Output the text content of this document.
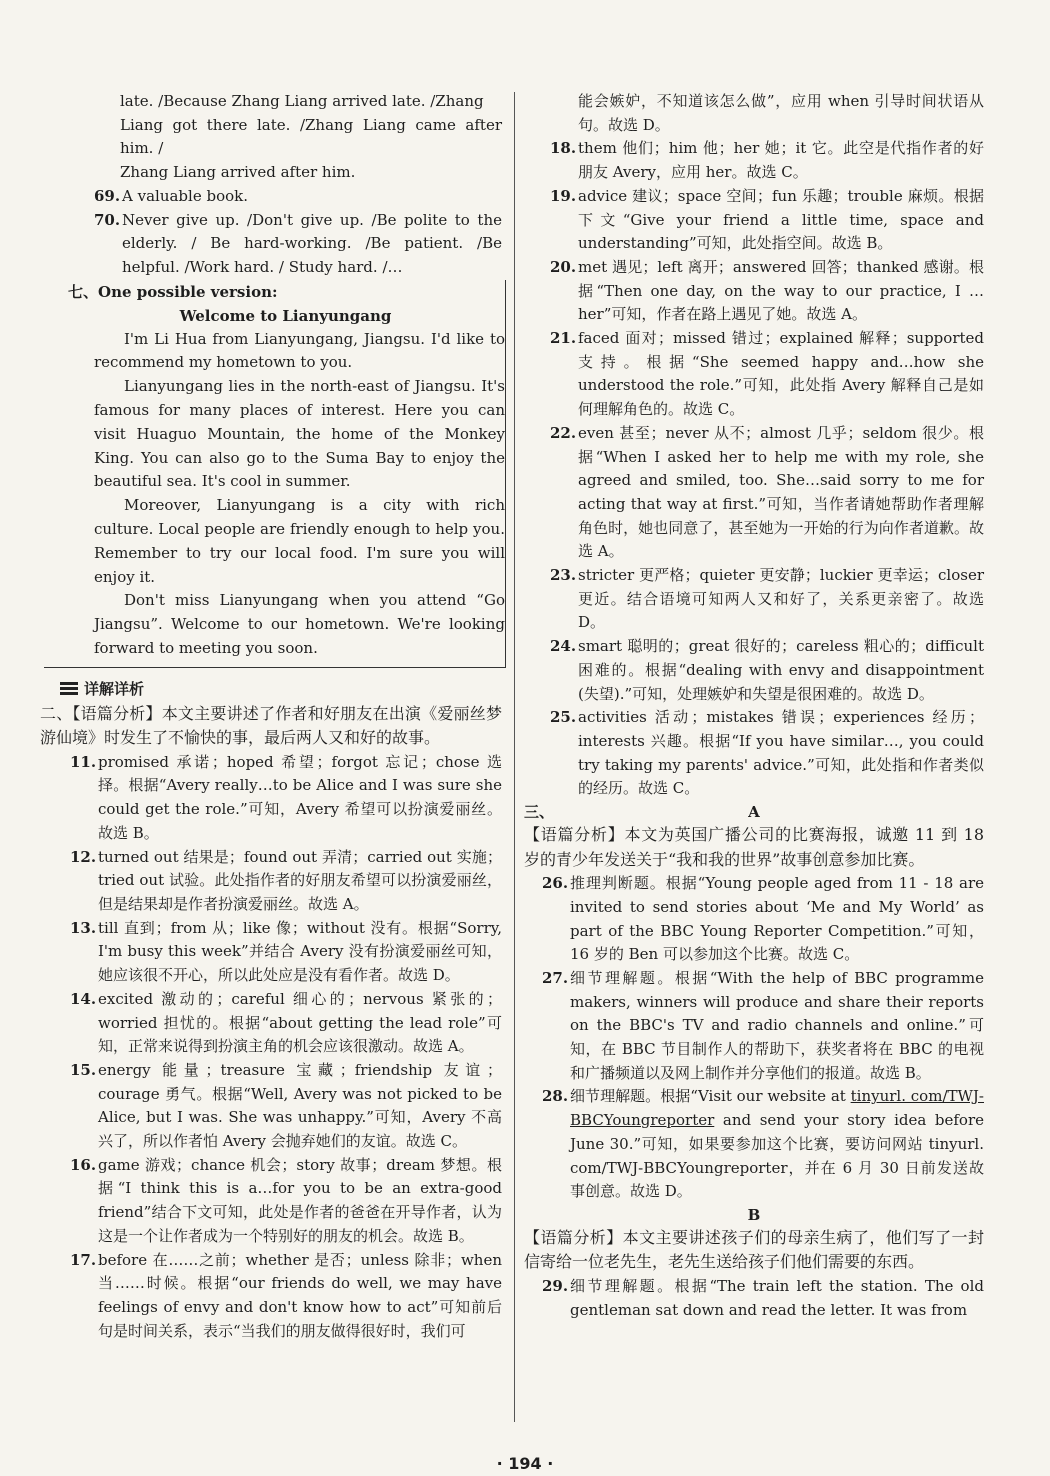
late. /Because Zhang Liang arrived late. /Zhang

Liang got there late. /Zhang Liang came after him. /

Zhang Liang arrived after him.

69. A valuable book.
70. Never give up. /Don't give up. /Be polite to the elderly. / Be hard-working. /Be patient. /Be helpful. /Work hard. / Study hard. /…
七、One possible version:
Welcome to Lianyungang

I'm Li Hua from Lianyungang, Jiangsu. I'd like to recommend my hometown to you.

Lianyungang lies in the north-east of Jiangsu. It's famous for many places of interest. Here you can visit Huaguo Mountain, the home of the Monkey King. You can also go to the Suma Bay to enjoy the beautiful sea. It's cool in summer.

Moreover, Lianyungang is a city with rich culture. Local people are friendly enough to help you. Remember to try our local food. I'm sure you will enjoy it.

Don't miss Lianyungang when you attend “Go Jiangsu”. Welcome to our hometown. We're looking forward to meeting you soon.

详解详析

二、【语篇分析】本文主要讲述了作者和好朋友在出演《爱丽丝梦游仙境》时发生了不愉快的事，最后两人又和好的故事。

11. promised 承诺；hoped 希望；forgot 忘记；chose 选择。根据“Avery really…to be Alice and I was sure she could get the role.”可知，Avery 希望可以扮演爱丽丝。故选 B。
12. turned out 结果是；found out 弄清；carried out 实施；tried out 试验。此处指作者的好朋友希望可以扮演爱丽丝，但是结果却是作者扮演爱丽丝。故选 A。
13. till 直到；from 从；like 像；without 没有。根据“Sorry, I'm busy this week”并结合 Avery 没有扮演爱丽丝可知，她应该很不开心，所以此处应是没有看作者。故选 D。
14. excited 激动的；careful 细心的；nervous 紧张的；worried 担忧的。根据“about getting the lead role”可知，正常来说得到扮演主角的机会应该很激动。故选 A。
15. energy 能量；treasure 宝藏；friendship 友谊；courage 勇气。根据“Well, Avery was not picked to be Alice, but I was. She was unhappy.”可知，Avery 不高兴了，所以作者怕 Avery 会抛弃她们的友谊。故选 C。
16. game 游戏；chance 机会；story 故事；dream 梦想。根据“I think this is a…for you to be an extra-good friend”结合下文可知，此处是作者的爸爸在开导作者，认为这是一个让作者成为一个特别好的朋友的机会。故选 B。
17. before 在……之前；whether 是否；unless 除非；when 当……时候。根据“our friends do well, we may have feelings of envy and don't know how to act”可知前后句是时间关系，表示“当我们的朋友做得很好时，我们可

能会嫉妒，不知道该怎么做”，应用 when 引导时间状语从句。故选 D。

18. them 他们；him 他；her 她；it 它。此空是代指作者的好朋友 Avery，应用 her。故选 C。
19. advice 建议；space 空间；fun 乐趣；trouble 麻烦。根据下文“Give your friend a little time, space and understanding”可知，此处指空间。故选 B。
20. met 遇见；left 离开；answered 回答；thanked 感谢。根据“Then one day, on the way to our practice, I … her”可知，作者在路上遇见了她。故选 A。
21. faced 面对；missed 错过；explained 解释；supported 支持。根据“She seemed happy and…how she understood the role.”可知，此处指 Avery 解释自己是如何理解角色的。故选 C。
22. even 甚至；never 从不；almost 几乎；seldom 很少。根据“When I asked her to help me with my role, she agreed and smiled, too. She…said sorry to me for acting that way at first.”可知，当作者请她帮助作者理解角色时，她也同意了，甚至她为一开始的行为向作者道歉。故选 A。
23. stricter 更严格；quieter 更安静；luckier 更幸运；closer 更近。结合语境可知两人又和好了，关系更亲密了。故选 D。
24. smart 聪明的；great 很好的；careless 粗心的；difficult 困难的。根据“dealing with envy and disappointment (失望).”可知，处理嫉妒和失望是很困难的。故选 D。
25. activities 活动；mistakes 错误；experiences 经历；interests 兴趣。根据“If you have similar…, you could try taking my parents' advice.”可知，此处指和作者类似的经历。故选 C。
三、	A

【语篇分析】本文为英国广播公司的比赛海报，诚邀 11 到 18 岁的青少年发送关于“我和我的世界”故事创意参加比赛。

26. 推理判断题。根据“Young people aged from 11 - 18 are invited to send stories about ‘Me and My World’ as part of the BBC Young Reporter Competition.”可知，16 岁的 Ben 可以参加这个比赛。故选 C。
27. 细节理解题。根据“With the help of BBC programme makers, winners will produce and share their reports on the BBC's TV and radio channels and online.”可知，在 BBC 节目制作人的帮助下，获奖者将在 BBC 的电视和广播频道以及网上制作并分享他们的报道。故选 B。
28. 细节理解题。根据“Visit our website at tinyurl. com/TWJ-BBCYoungreporter and send your story idea before June 30.”可知，如果要参加这个比赛，要访问网站 tinyurl. com/TWJ-BBCYoungreporter，并在 6 月 30 日前发送故事创意。故选 D。
B

【语篇分析】本文主要讲述孩子们的母亲生病了，他们写了一封信寄给一位老先生，老先生送给孩子们他们需要的东西。

29. 细节理解题。根据“The train left the station. The old gentleman sat down and read the letter. It was from
· 194 ·
